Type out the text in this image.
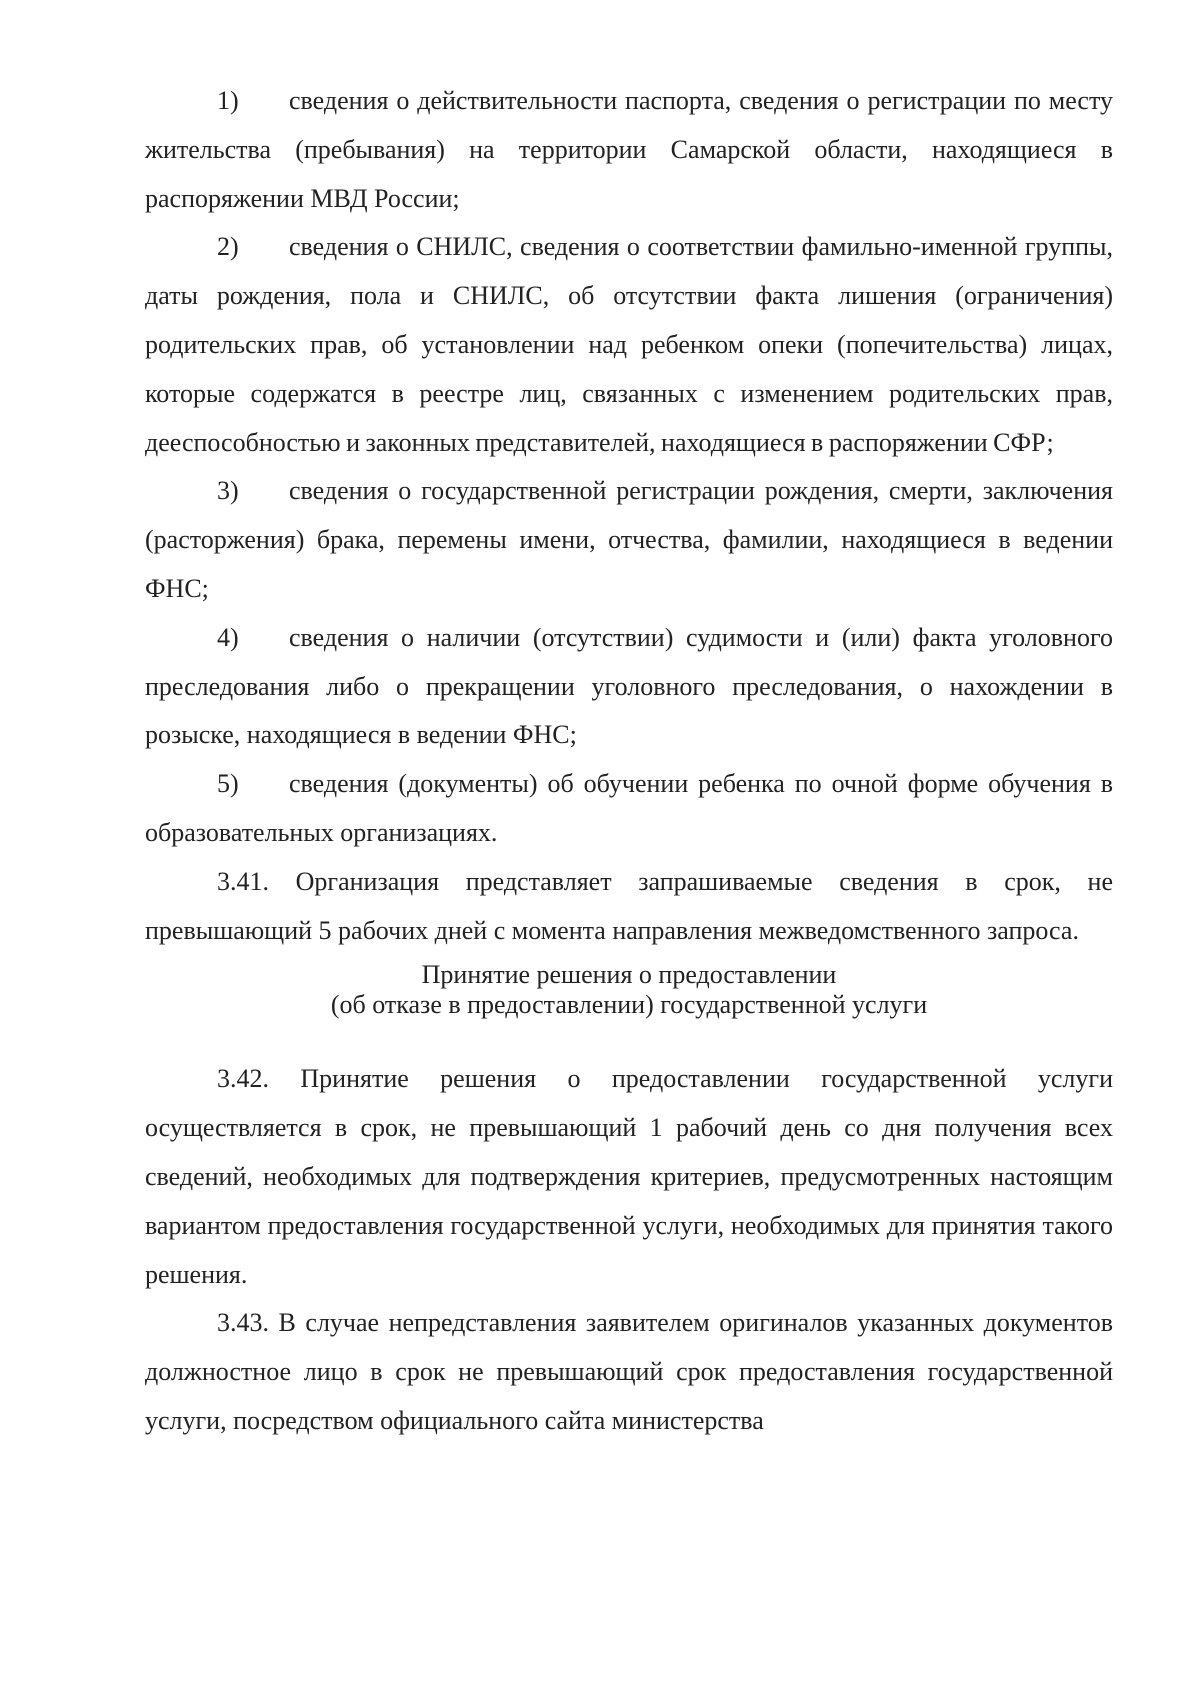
1) сведения о действительности паспорта, сведения о регистрации по месту жительства (пребывания) на территории Самарской области, находящиеся в распоряжении МВД России;

2) сведения о СНИЛС, сведения о соответствии фамильно-именной группы, даты рождения, пола и СНИЛС, об отсутствии факта лишения (ограничения) родительских прав, об установлении над ребенком опеки (попечительства) лицах, которые содержатся в реестре лиц, связанных с изменением родительских прав, дееспособностью и законных представителей, находящиеся в распоряжении СФР;

3) сведения о государственной регистрации рождения, смерти, заключения (расторжения) брака, перемены имени, отчества, фамилии, находящиеся в ведении ФНС;

4) сведения о наличии (отсутствии) судимости и (или) факта уголовного преследования либо о прекращении уголовного преследования, о нахождении в розыске, находящиеся в ведении ФНС;

5) сведения (документы) об обучении ребенка по очной форме обучения в образовательных организациях.

3.41. Организация представляет запрашиваемые сведения в срок, не превышающий 5 рабочих дней с момента направления межведомственного запроса.

Принятие решения о предоставлении
(об отказе в предоставлении) государственной услуги

3.42. Принятие решения о предоставлении государственной услуги осуществляется в срок, не превышающий 1 рабочий день со дня получения всех сведений, необходимых для подтверждения критериев, предусмотренных настоящим вариантом предоставления государственной услуги, необходимых для принятия такого решения.

3.43. В случае непредставления заявителем оригиналов указанных документов должностное лицо в срок не превышающий срок предоставления государственной услуги, посредством официального сайта министерства
